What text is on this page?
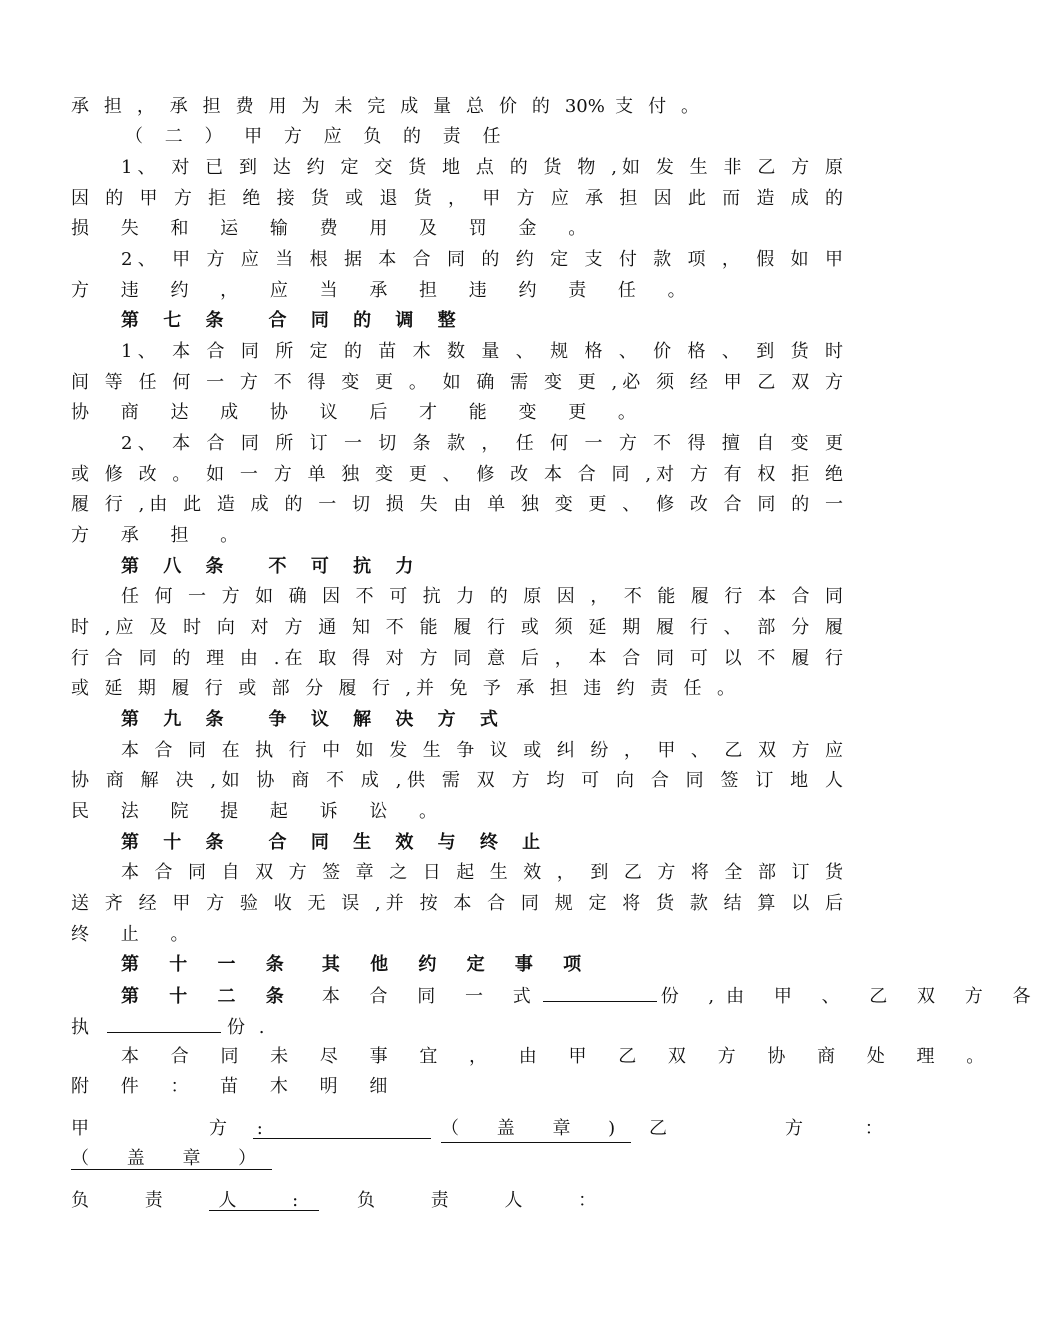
承 担 ， 承 担 费 用 为 未 完 成 量 总 价 的 30% 支 付 。
（ 二 ） 甲 方 应 负 的 责 任
1、 对 已 到 达 约 定 交 货 地 点 的 货 物 ,如 发 生 非 乙 方 原
因 的 甲 方 拒 绝 接 货 或 退 货 ， 甲 方 应 承 担 因 此 而 造 成 的
损 失 和 运 输 费 用 及 罚 金 。
2、 甲 方 应 当 根 据 本 合 同 的 约 定 支 付 款 项 ， 假 如 甲
方 违 约 ， 应 当 承 担 违 约 责 任 。
第 七 条 合 同 的 调 整
1、 本 合 同 所 定 的 苗 木 数 量 、 规 格 、 价 格 、 到 货 时
间 等 任 何 一 方 不 得 变 更 。 如 确 需 变 更 ,必 须 经 甲 乙 双 方
协 商 达 成 协 议 后 才 能 变 更 。
2、 本 合 同 所 订 一 切 条 款 ， 任 何 一 方 不 得 擅 自 变 更
或 修 改 。 如 一 方 单 独 变 更 、 修 改 本 合 同 ,对 方 有 权 拒 绝
履 行 ,由 此 造 成 的 一 切 损 失 由 单 独 变 更 、 修 改 合 同 的 一
方 承 担 。
第 八 条 不 可 抗 力
任 何 一 方 如 确 因 不 可 抗 力 的 原 因 ， 不 能 履 行 本 合 同
时 ,应 及 时 向 对 方 通 知 不 能 履 行 或 须 延 期 履 行 、 部 分 履
行 合 同 的 理 由 .在 取 得 对 方 同 意 后 ， 本 合 同 可 以 不 履 行
或 延 期 履 行 或 部 分 履 行 ,并 免 予 承 担 违 约 责 任 。
第 九 条 争 议 解 决 方 式
本 合 同 在 执 行 中 如 发 生 争 议 或 纠 纷 ， 甲 、 乙 双 方 应
协 商 解 决 ,如 协 商 不 成 ,供 需 双 方 均 可 向 合 同 签 订 地 人
民 法 院 提 起 诉 讼 。
第 十 条 合 同 生 效 与 终 止
本 合 同 自 双 方 签 章 之 日 起 生 效 ， 到 乙 方 将 全 部 订 货
送 齐 经 甲 方 验 收 无 误 ,并 按 本 合 同 规 定 将 货 款 结 算 以 后
终 止 。
第 十 一 条 其 他 约 定 事 项
第 十 二 条 本 合 同 一 式	份 ,由 甲 、 乙 双 方 各
执	份 .
本 合 同 未 尽 事 宜 ， 由 甲 乙 双 方 协 商 处 理 。
附 件 ： 苗 木 明 细
甲	方 :	（ 盖 章 ) 乙	方 ：
（ 盖 章 ）
负 责 人 : 负 责 人 ：
